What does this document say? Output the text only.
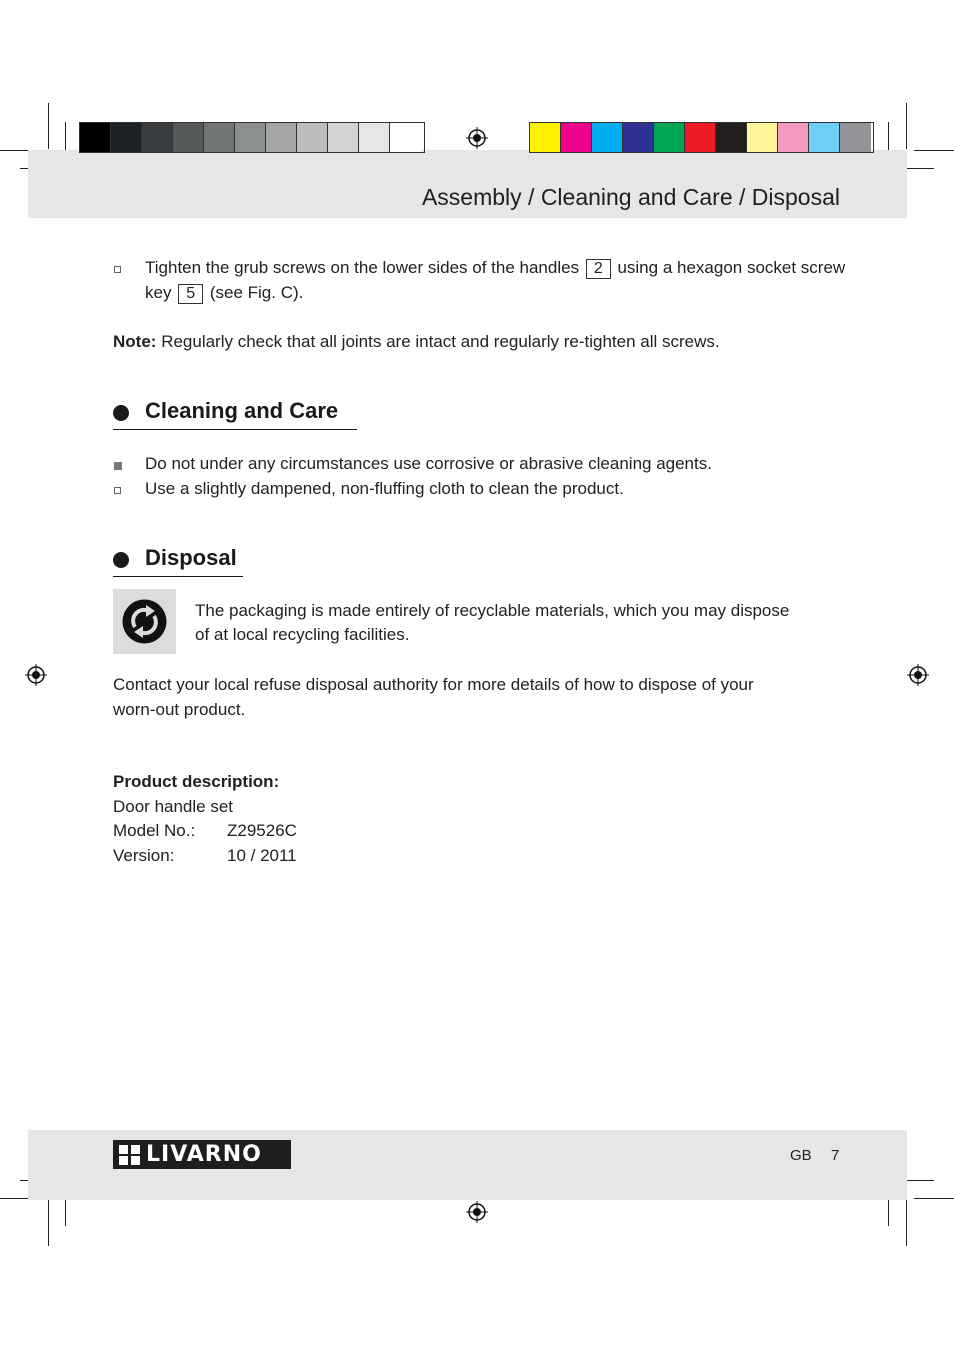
Assembly / Cleaning and Care / Disposal
Tighten the grub screws on the lower sides of the handles 2 using a hexagon socket screw
key 5 (see Fig. C).
Note: Regularly check that all joints are intact and regularly re-tighten all screws.
Cleaning and Care
Do not under any circumstances use corrosive or abrasive cleaning agents.
Use a slightly dampened, non-fluffing cloth to clean the product.
Disposal
The packaging is made entirely of recyclable materials, which you may dispose
of at local recycling facilities.
Contact your local refuse disposal authority for more details of how to dispose of your
worn-out product.
Product description:
Door handle set
Model No.: Z29526C
Version:	10 / 2011
LIVARNO	GB 7
